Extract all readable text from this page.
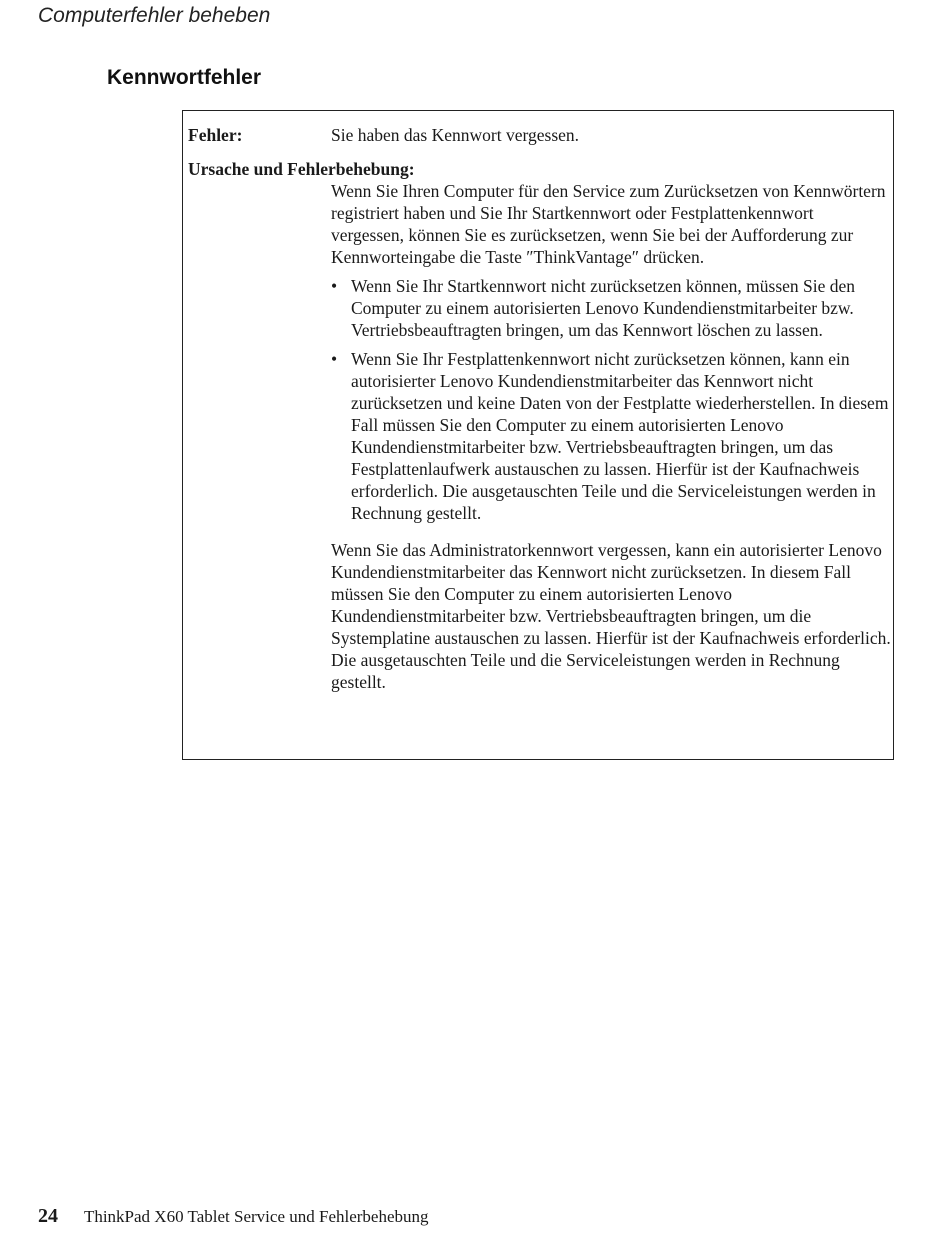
Computerfehler beheben
Kennwortfehler
Fehler:	Sie haben das Kennwort vergessen.
Ursache und Fehlerbehebung:

Wenn Sie Ihren Computer für den Service zum Zurücksetzen von Kennwörtern registriert haben und Sie Ihr Startkennwort oder Festplattenkennwort vergessen, können Sie es zurücksetzen, wenn Sie bei der Aufforderung zur Kennworteingabe die Taste ″ThinkVantage″ drücken.

• Wenn Sie Ihr Startkennwort nicht zurücksetzen können, müssen Sie den Computer zu einem autorisierten Lenovo Kundendienstmitarbeiter bzw. Vertriebsbeauftragten bringen, um das Kennwort löschen zu lassen.
• Wenn Sie Ihr Festplattenkennwort nicht zurücksetzen können, kann ein autorisierter Lenovo Kundendienstmitarbeiter das Kennwort nicht zurücksetzen und keine Daten von der Festplatte wiederherstellen. In diesem Fall müssen Sie den Computer zu einem autorisierten Lenovo Kundendienstmitarbeiter bzw. Vertriebsbeauftragten bringen, um das Festplattenlaufwerk austauschen zu lassen. Hierfür ist der Kaufnachweis erforderlich. Die ausgetauschten Teile und die Serviceleistungen werden in Rechnung gestellt.

Wenn Sie das Administratorkennwort vergessen, kann ein autorisierter Lenovo Kundendienstmitarbeiter das Kennwort nicht zurücksetzen. In diesem Fall müssen Sie den Computer zu einem autorisierten Lenovo Kundendienstmitarbeiter bzw. Vertriebsbeauftragten bringen, um die Systemplatine austauschen zu lassen. Hierfür ist der Kaufnachweis erforderlich. Die ausgetauschten Teile und die Serviceleistungen werden in Rechnung gestellt.

24 ThinkPad X60 Tablet Service und Fehlerbehebung
